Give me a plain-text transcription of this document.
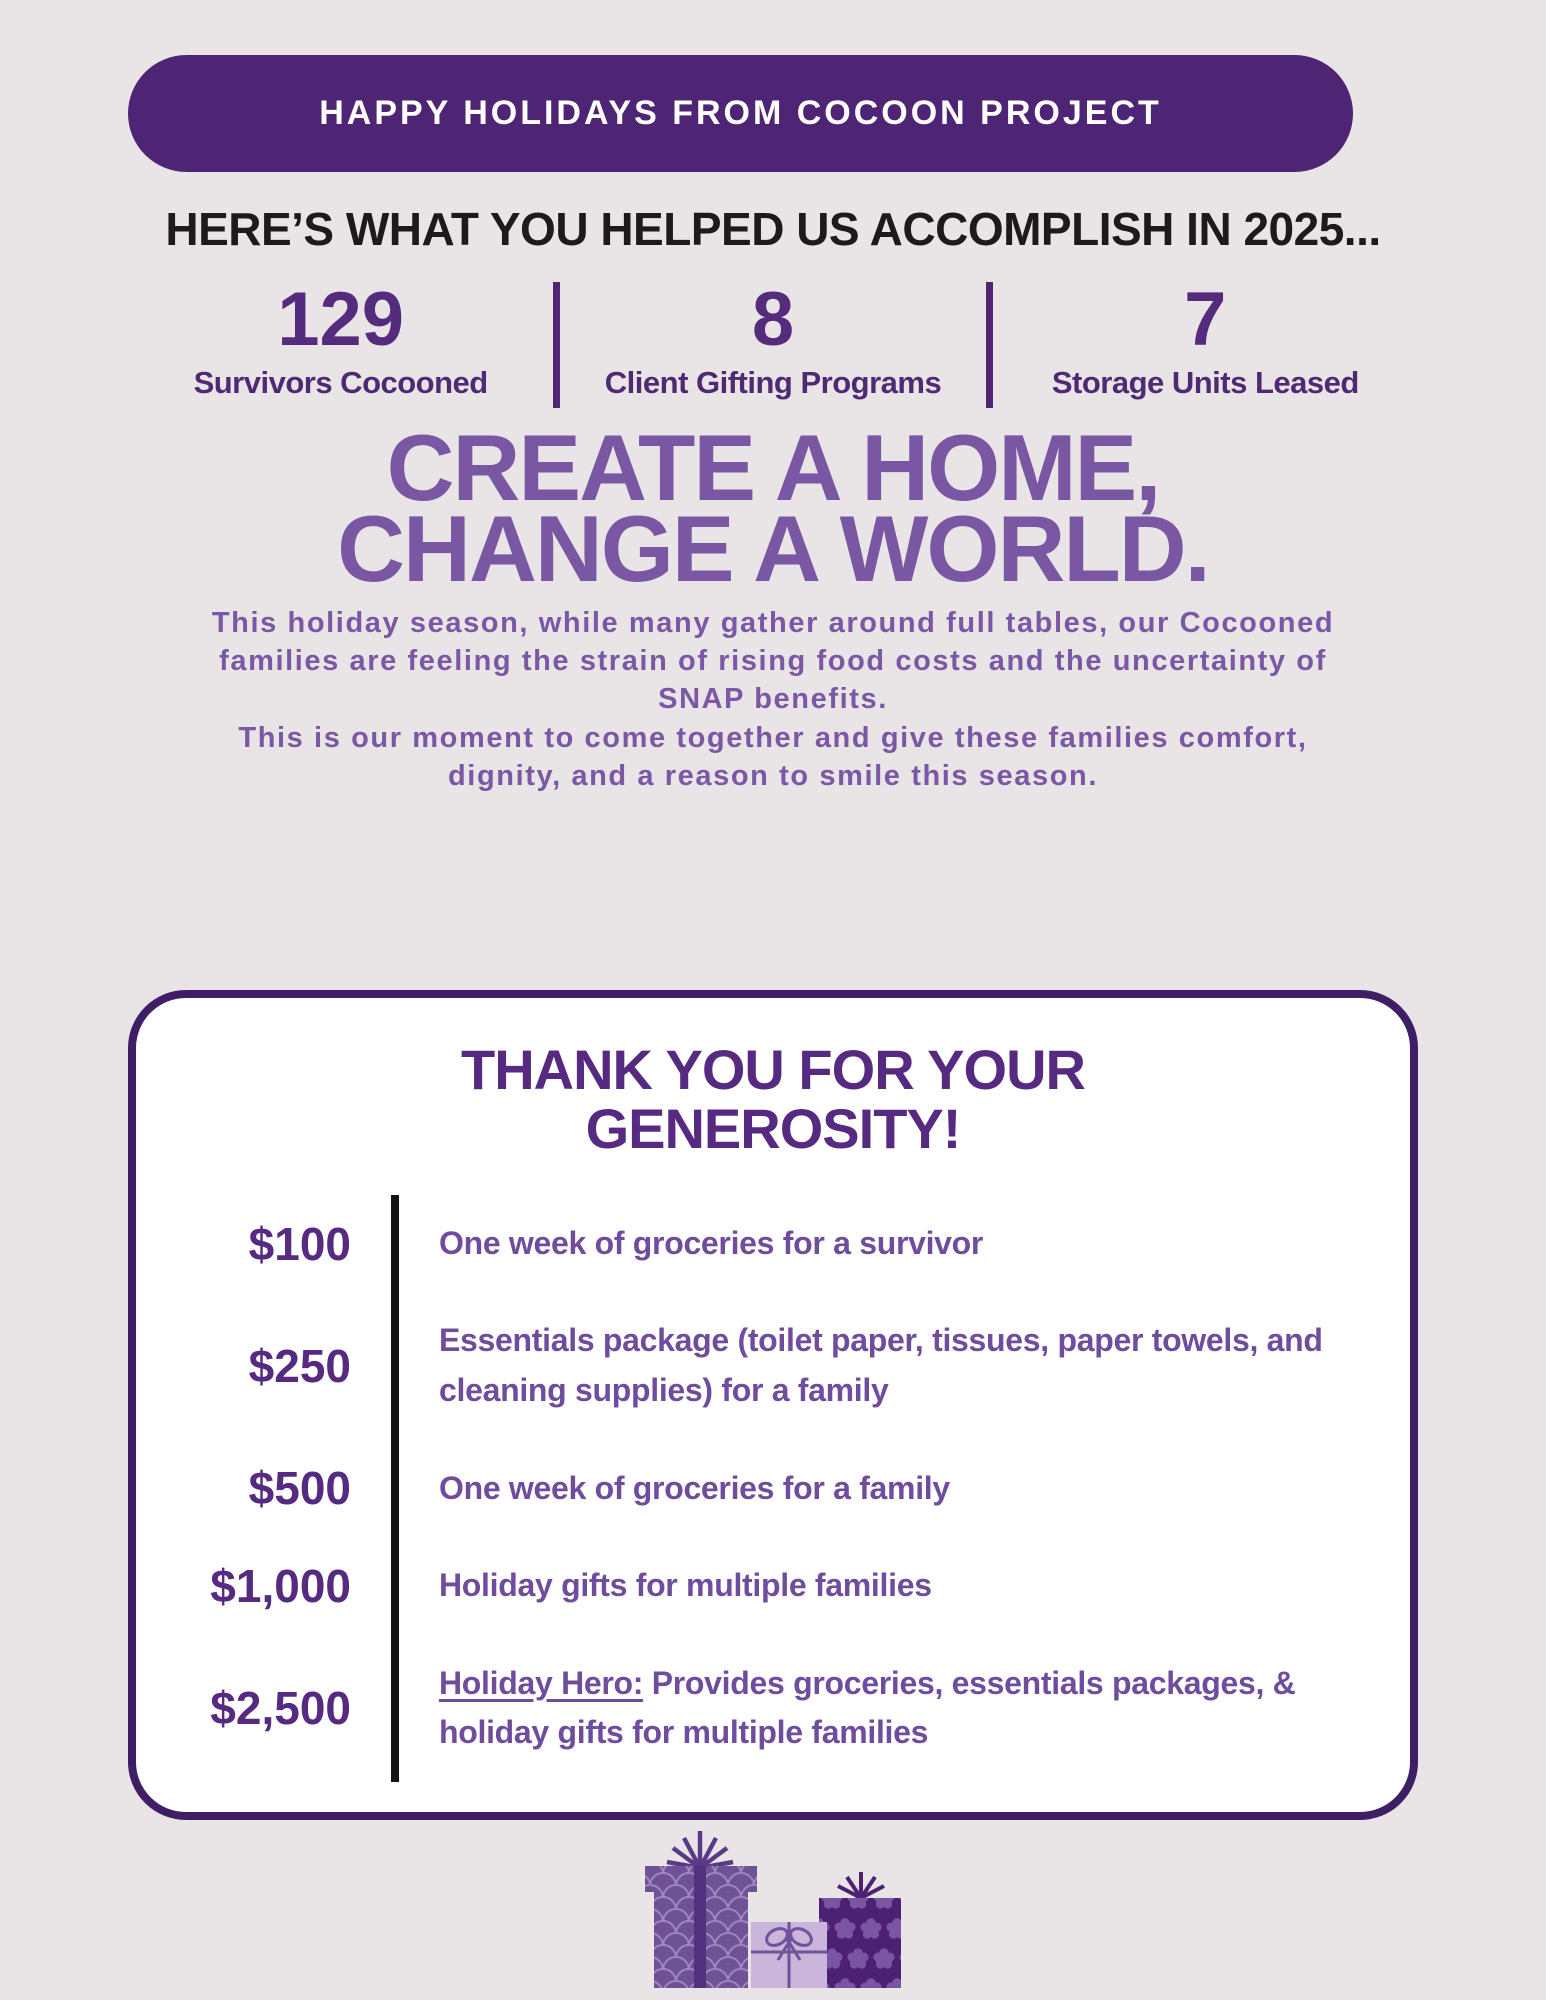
HAPPY HOLIDAYS FROM COCOON PROJECT
HERE’S WHAT YOU HELPED US ACCOMPLISH IN 2025...
129
Survivors Cocooned
8
Client Gifting Programs
7
Storage Units Leased
CREATE A HOME,
CHANGE A WORLD.
This holiday season, while many gather around full tables, our Cocooned families are feeling the strain of rising food costs and the uncertainty of SNAP benefits.
This is our moment to come together and give these families comfort, dignity, and a reason to smile this season.
THANK YOU FOR YOUR
GENEROSITY!
$100	One week of groceries for a survivor
$250	Essentials package (toilet paper, tissues, paper towels, and cleaning supplies) for a family
$500	One week of groceries for a family
$1,000	Holiday gifts for multiple families
$2,500	Holiday Hero: Provides groceries, essentials packages, & holiday gifts for multiple families
